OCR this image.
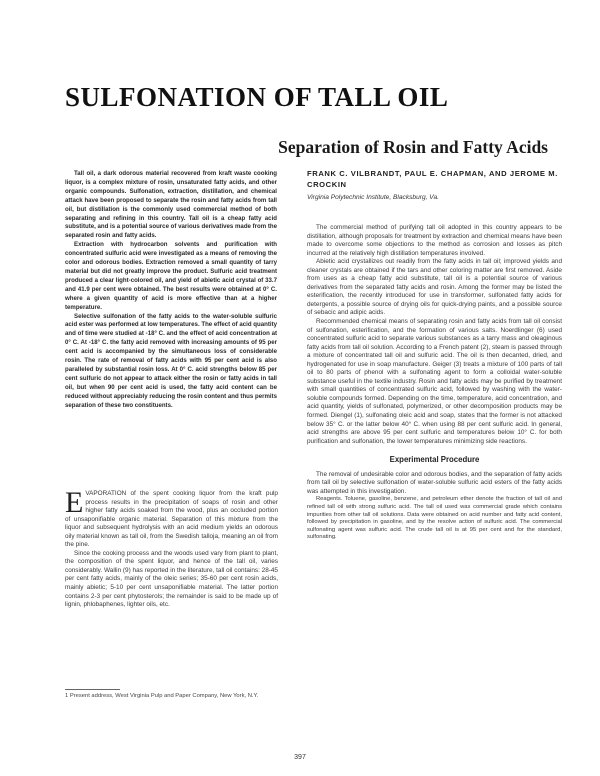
SULFONATION OF TALL OIL
Separation of Rosin and Fatty Acids

Tall oil, a dark odorous material recovered from kraft waste cooking liquor, is a complex mixture of rosin, unsaturated fatty acids, and other organic compounds. Sulfonation, extraction, distillation, and chemical attack have been proposed to separate the rosin and fatty acids from tall oil, but distillation is the commonly used commercial method of both separating and refining in this country. Tall oil is a cheap fatty acid substitute, and is a potential source of various derivatives made from the separated rosin and fatty acids.

Extraction with hydrocarbon solvents and purification with concentrated sulfuric acid were investigated as a means of removing the color and odorous bodies. Extraction removed a small quantity of tarry material but did not greatly improve the product. Sulfuric acid treatment produced a clear light-colored oil, and yield of abietic acid crystal of 33.7 and 41.9 per cent were obtained. The best results were obtained at 0° C. where a given quantity of acid is more effective than at a higher temperature.

Selective sulfonation of the fatty acids to the water-soluble sulfuric acid ester was performed at low temperatures. The effect of acid quantity and of time were studied at -18° C. and the effect of acid concentration at 0° C. At -18° C. the fatty acid removed with increasing amounts of 95 per cent acid is accompanied by the simultaneous loss of considerable rosin. The rate of removal of fatty acids with 95 per cent acid is also paralleled by substantial rosin loss. At 0° C. acid strengths below 85 per cent sulfuric do not appear to attack either the rosin or fatty acids in tall oil, but when 90 per cent acid is used, the fatty acid content can be reduced without appreciably reducing the rosin content and thus permits separation of these two constituents.

FRANK C. VILBRANDT, PAUL E. CHAPMAN, AND JEROME M. CROCKIN

Virginia Polytechnic Institute, Blacksburg, Va.

EVAPORATION of the spent cooking liquor from the kraft pulp process results in the precipitation of soaps of rosin and other higher fatty acids soaked from the wood, plus an occluded portion of unsaponifiable organic material. Separation of this mixture from the liquor and subsequent hydrolysis with an acid medium yields an odorous oily material known as tall oil, from the Swedish talloja, meaning an oil from the pine.

Since the cooking process and the woods used vary from plant to plant, the composition of the spent liquor, and hence of the tall oil, varies considerably. Wallin (9) has reported in the literature, tall oil contains: 28-45 per cent fatty acids, mainly of the oleic series; 35-60 per cent rosin acids, mainly abietic; 5-10 per cent unsaponifiable material. The latter portion contains 2-3 per cent phytosterols; the remainder is said to be made up of lignin, phlobaphenes, lighter oils, etc.

1 Present address, West Virginia Pulp and Paper Company, New York, N.Y.

The commercial method of purifying tall oil adopted in this country appears to be distillation, although proposals for treatment by extraction and chemical means have been made to overcome some objections to the method as corrosion and losses as pitch incurred at the relatively high distillation temperatures involved.

Abietic acid crystallizes out readily from the fatty acids in tall oil; improved yields and cleaner crystals are obtained if the tars and other coloring matter are first removed. Aside from uses as a cheap fatty acid substitute, tall oil is a potential source of various derivatives from the separated fatty acids and rosin. Among the former may be listed the esterification, the recently introduced for use in transformer, sulfonated fatty acids for detergents, a possible source of drying oils for quick-drying paints, and a possible source of sebacic and adipic acids.

Recommended chemical means of separating rosin and fatty acids from tall oil consist of sulfonation, esterification, and the formation of various salts. Noerdlinger (6) used concentrated sulfuric acid to separate various substances as a tarry mass and oleaginous fatty acids from tall oil solution. According to a French patent (2), steam is passed through a mixture of concentrated tall oil and sulfuric acid. The oil is then decanted, dried, and hydrogenated for use in soap manufacture. Geiger (3) treats a mixture of 100 parts of tall oil to 80 parts of phenol with a sulfonating agent to form a colloidal water-soluble substance useful in the textile industry. Rosin and fatty acids may be purified by treatment with small quantities of concentrated sulfuric acid, followed by washing with the water-soluble compounds formed. Depending on the time, temperature, acid concentration, and acid quantity, yields of sulfonated, polymerized, or other decomposition products may be formed. Diengel (1), sulfonating oleic acid and soap, states that the former is not attacked below 35° C. or the latter below 40° C. when using 88 per cent sulfuric acid. In general, acid strengths are above 95 per cent sulfuric and temperatures below 10° C. for both purification and sulfonation, the lower temperatures minimizing side reactions.

Experimental Procedure

The removal of undesirable color and odorous bodies, and the separation of fatty acids from tall oil by selective sulfonation of water-soluble sulfuric acid esters of the fatty acids was attempted in this investigation.

Reagents. Toluene, gasoline, benzene, and petroleum ether denote the fraction of tall oil and refined tall oil with strong sulfuric acid. The tall oil used was commercial grade which contains impurities from other tall oil solutions. Data were obtained on acid number and fatty acid content, followed by precipitation in gasoline, and by the resolve action of sulfuric acid. The commercial sulfonating agent was sulfuric acid. The crude tall oil is at 95 per cent and for the standard, sulfonating.

397
